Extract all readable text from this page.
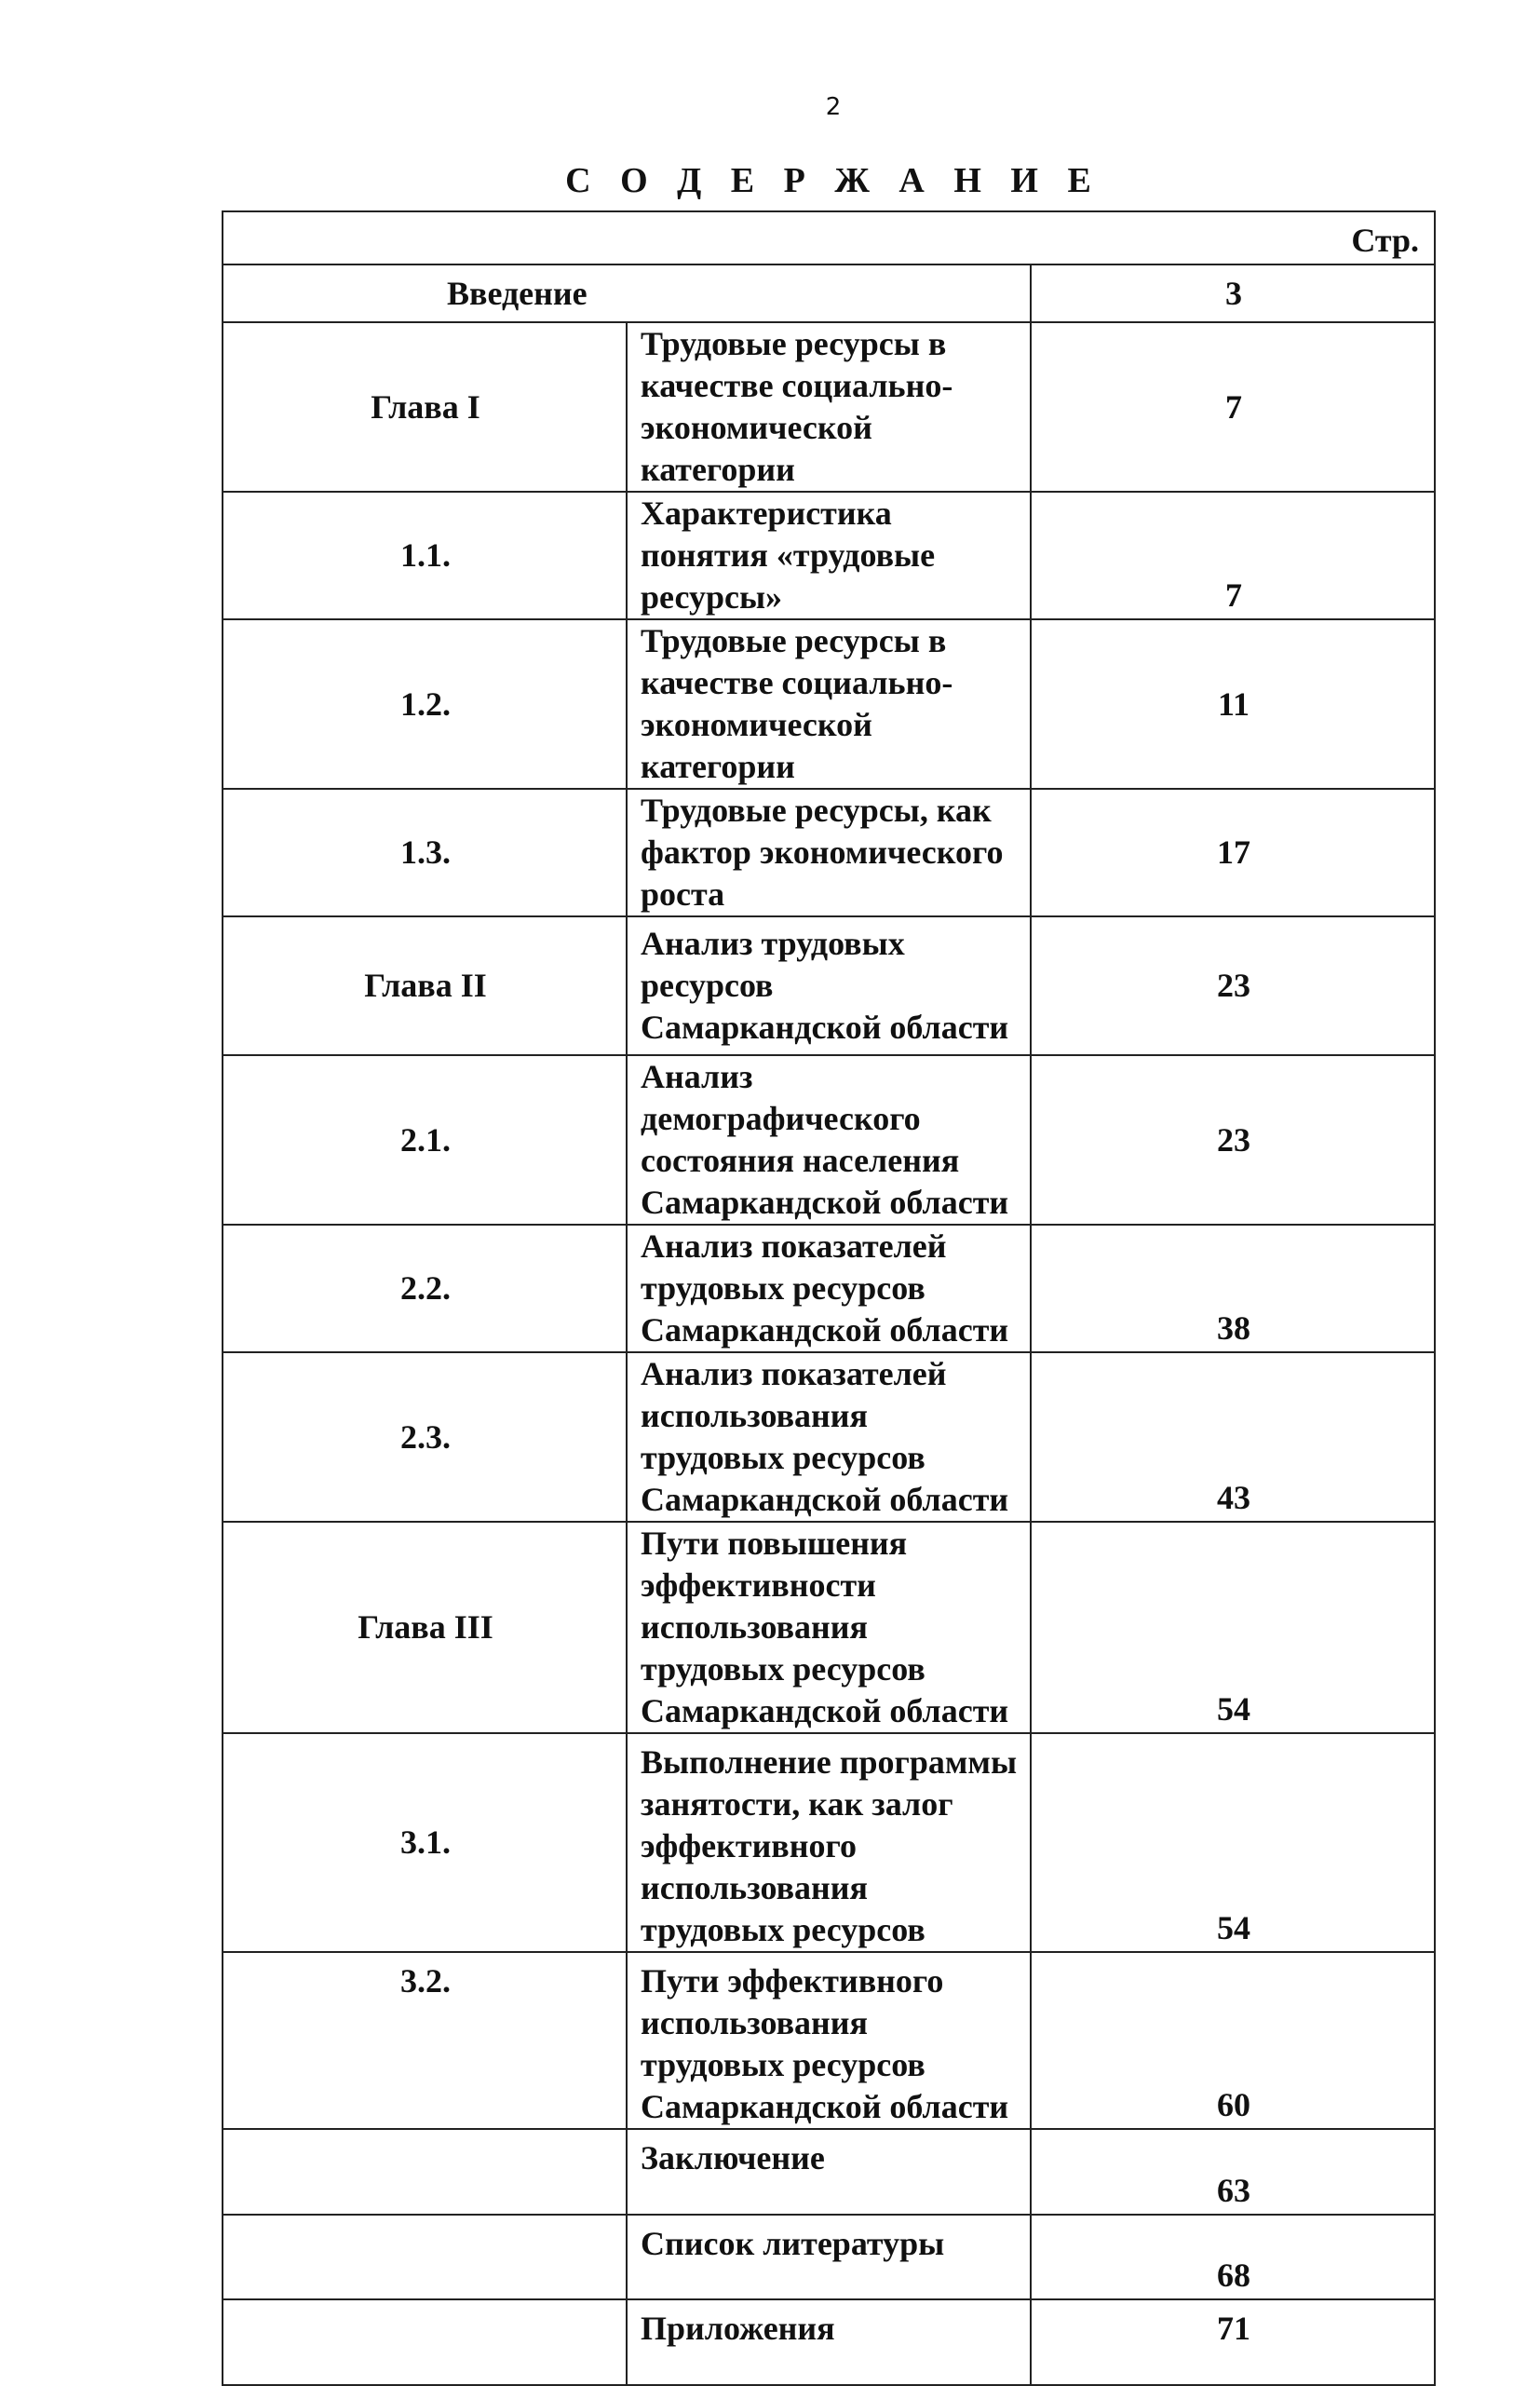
2
С О Д Е Р Ж А Н И Е
Стр.		
Введение		3
Глава I	Трудовые ресурсы в качестве социально-экономической категории	7
1.1.	Характеристика понятия «трудовые ресурсы»	7
1.2.	Трудовые ресурсы в качестве социально-экономической категории	11
1.3.	Трудовые ресурсы, как фактор экономического роста	17
Глава II	Анализ трудовых ресурсов Самаркандской области	23
2.1.	Анализ демографического состояния населения Самаркандской области	23
2.2.	Анализ показателей трудовых ресурсов Самаркандской области	38
2.3.	Анализ показателей использования трудовых ресурсов Самаркандской области	43
Глава III	Пути повышения эффективности использования трудовых ресурсов Самаркандской области	54
3.1.	Выполнение программы занятости, как залог эффективного использования трудовых ресурсов	54
3.2.	Пути эффективного использования трудовых ресурсов Самаркандской области	60
	Заключение	63
	Список литературы	68
	Приложения	71
